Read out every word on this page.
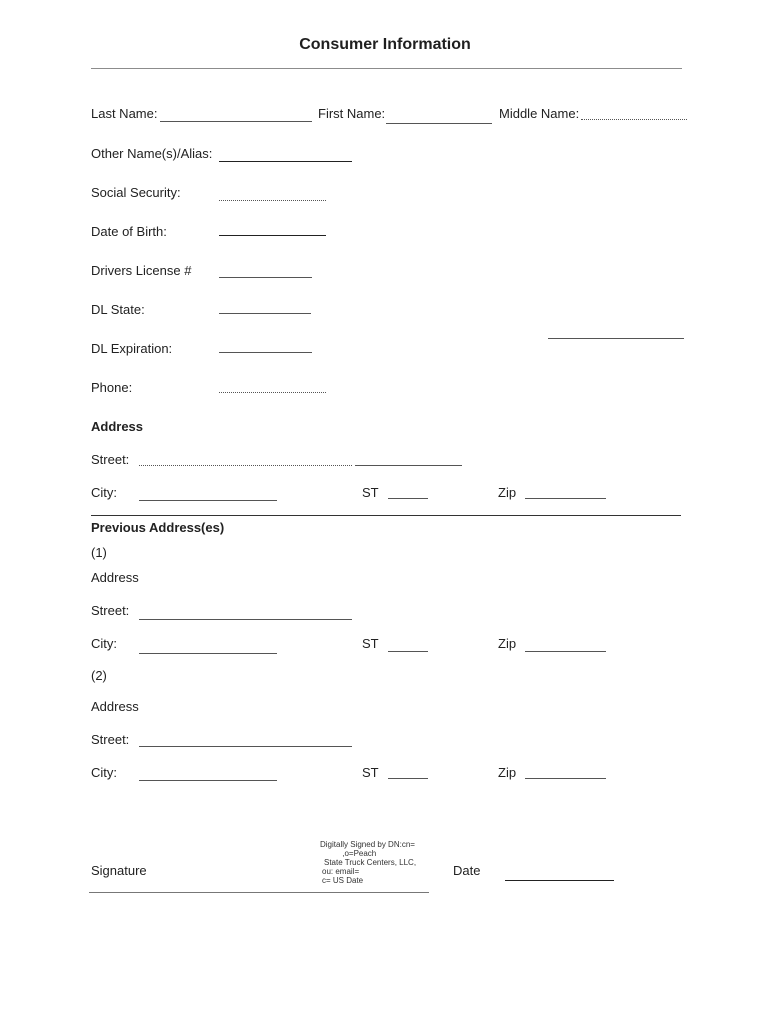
Consumer Information
Last Name:	First Name:	Middle Name:
Other Name(s)/Alias:
Social Security:
Date of Birth:
Drivers License #
DL State:
DL Expiration:
Phone:
Address
Street:
City:	ST	Zip
Previous Address(es)
(1)
Address
Street:
City:	ST	Zip
(2)
Address
Street:
City:	ST	Zip
Digitally Signed by DN:cn=
,o=Peach
State Truck Centers, LLC,
ou: email=
c= US Date
Signature	Date
